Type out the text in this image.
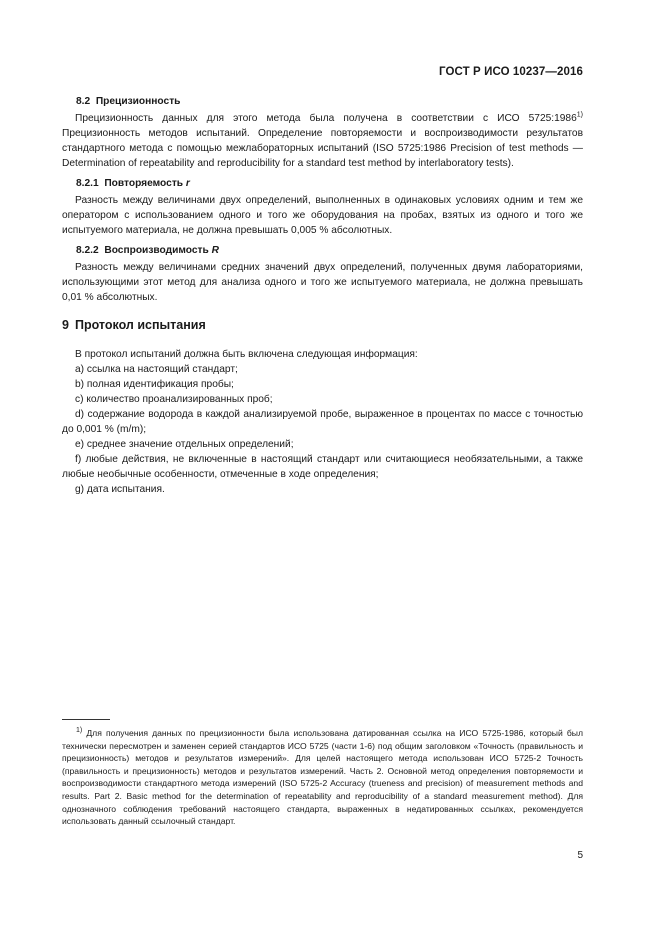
ГОСТ Р ИСО 10237—2016
8.2 Прецизионность

Прецизионность данных для этого метода была получена в соответствии с ИСО 5725:1986$^{1)}$ Прецизионность методов испытаний. Определение повторяемости и воспроизводимости результатов стандартного метода с помощью межлабораторных испытаний (ISO 5725:1986 Precision of test methods — Determination of repeatability and reproducibility for a standard test method by interlaboratory tests).

8.2.1 Повторяемость r

Разность между величинами двух определений, выполненных в одинаковых условиях одним и тем же оператором с использованием одного и того же оборудования на пробах, взятых из одного и того же испытуемого материала, не должна превышать 0,005 % абсолютных.

8.2.2 Воспроизводимость R

Разность между величинами средних значений двух определений, полученных двумя лабораториями, использующими этот метод для анализа одного и того же испытуемого материала, не должна превышать 0,01 % абсолютных.

9 Протокол испытания

В протокол испытаний должна быть включена следующая информация:

a) ссылка на настоящий стандарт;

b) полная идентификация пробы;

c) количество проанализированных проб;

d) содержание водорода в каждой анализируемой пробе, выраженное в процентах по массе с точностью до 0,001 % (m/m);

e) среднее значение отдельных определений;

f) любые действия, не включенные в настоящий стандарт или считающиеся необязательными, а также любые необычные особенности, отмеченные в ходе определения;

g) дата испытания.

$^{1)}$ Для получения данных по прецизионности была использована датированная ссылка на ИСО 5725-1986, который был технически пересмотрен и заменен серией стандартов ИСО 5725 (части 1-6) под общим заголовком «Точность (правильность и прецизионность) методов и результатов измерений». Для целей настоящего метода использован ИСО 5725-2 Точность (правильность и прецизионность) методов и результатов измерений. Часть 2. Основной метод определения повторяемости и воспроизводимости стандартного метода измерений (ISO 5725-2 Accuracy (trueness and precision) of measurement methods and results. Part 2. Basic method for the determination of repeatability and reproducibility of a standard measurement method). Для однозначного соблюдения требований настоящего стандарта, выраженных в недатированных ссылках, рекомендуется использовать данный ссылочный стандарт.

5
